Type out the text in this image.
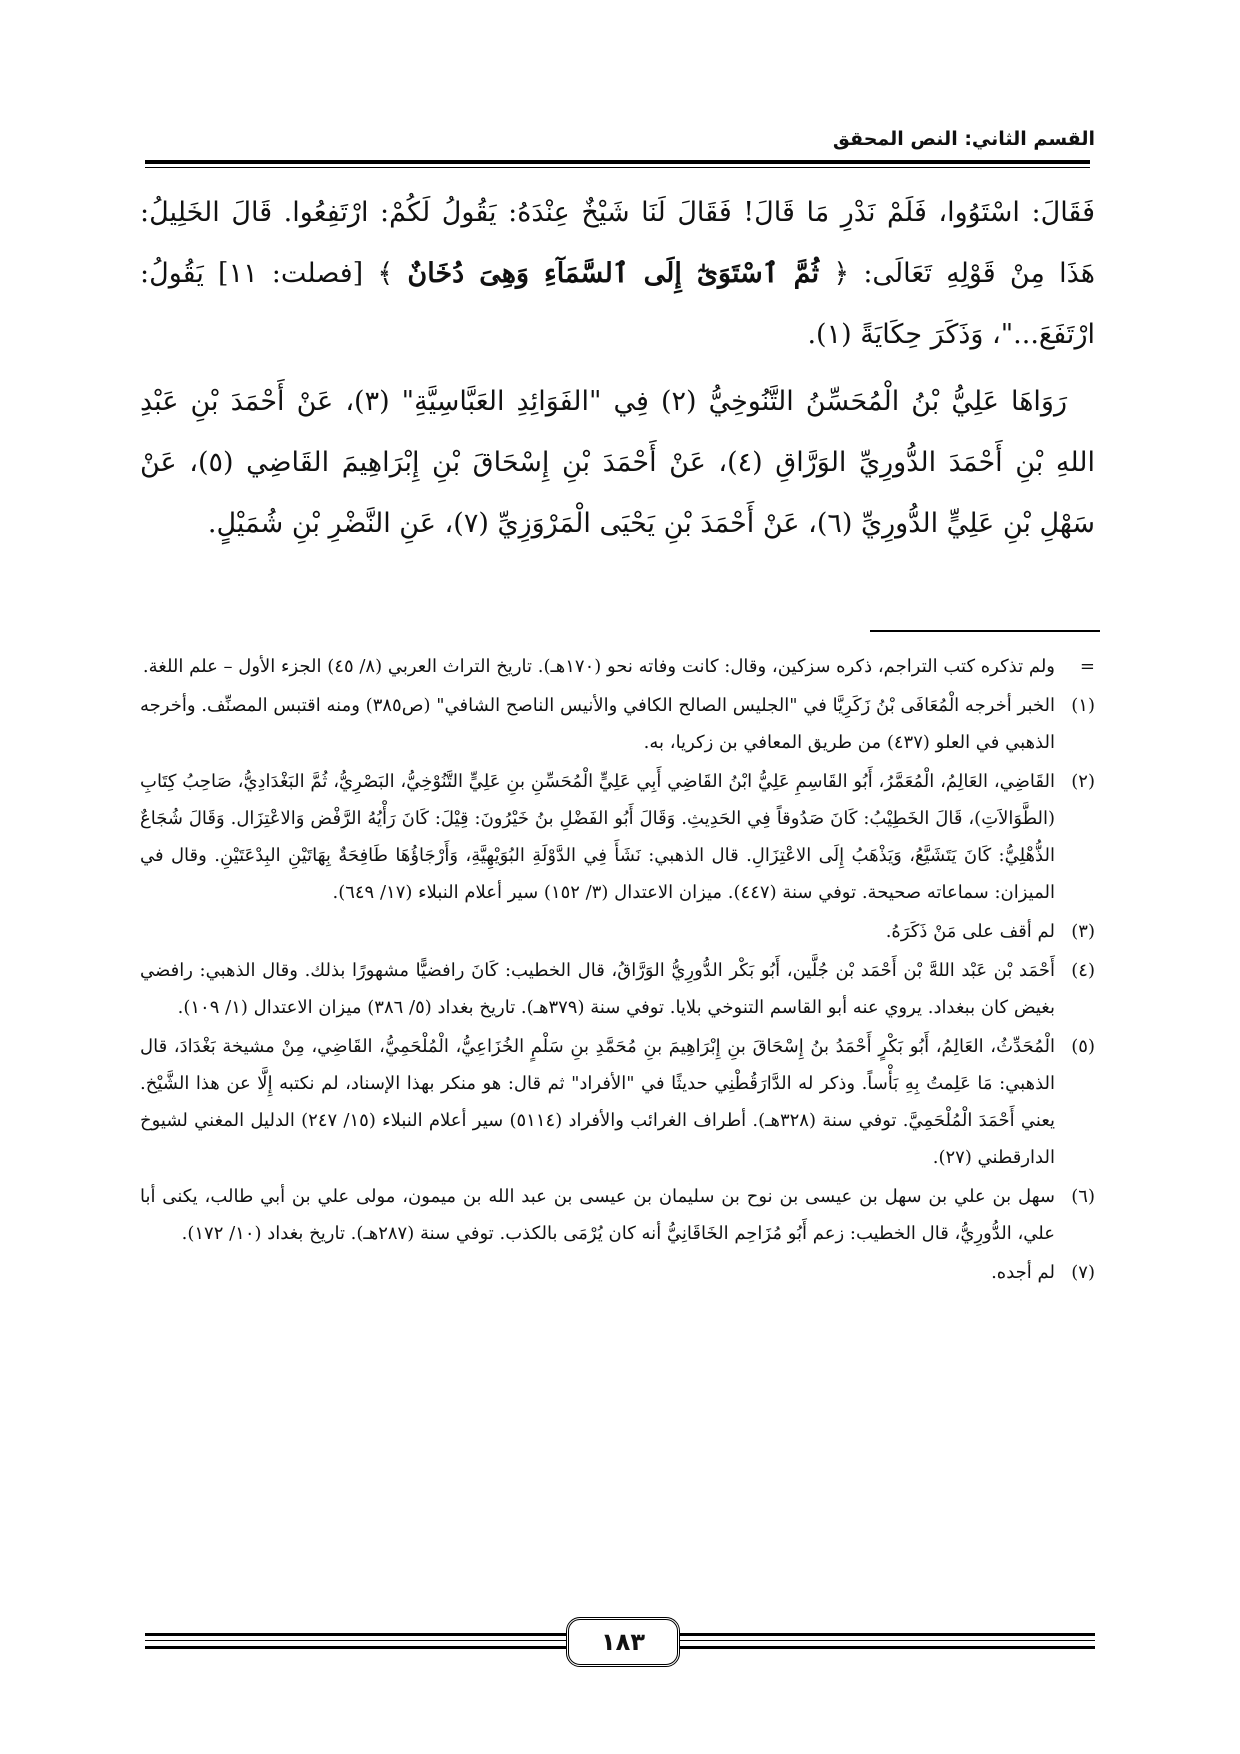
القسم الثاني: النص المحقق

فَقَالَ: اسْتَوُوا، فَلَمْ نَدْرِ مَا قَالَ! فَقَالَ لَنَا شَيْخٌ عِنْدَهُ: يَقُولُ لَكُمْ: ارْتَفِعُوا. قَالَ الخَلِيلُ: هَذَا مِنْ قَوْلِهِ تَعَالَى: ﴿ ثُمَّ ٱسْتَوَىٰٓ إِلَى ٱلسَّمَآءِ وَهِىَ دُخَانٌ ﴾ [فصلت: ١١] يَقُولُ: ارْتَفَعَ..."، وَذَكَرَ حِكَايَةً (١).

رَوَاهَا عَلِيُّ بْنُ الْمُحَسِّنُ التَّنُوخِيُّ (٢) فِي "الفَوَائِدِ العَبَّاسِيَّةِ" (٣)، عَنْ أَحْمَدَ بْنِ عَبْدِ اللهِ بْنِ أَحْمَدَ الدُّورِيِّ الوَرَّاقِ (٤)، عَنْ أَحْمَدَ بْنِ إِسْحَاقَ بْنِ إِبْرَاهِيمَ القَاضِي (٥)، عَنْ سَهْلِ بْنِ عَلِيٍّ الدُّورِيِّ (٦)، عَنْ أَحْمَدَ بْنِ يَحْيَى الْمَرْوَزِيِّ (٧)، عَنِ النَّضْرِ بْنِ شُمَيْلٍ.

=
ولم تذكره كتب التراجم، ذكره سزكين، وقال: كانت وفاته نحو (١٧٠هـ). تاريخ التراث العربي (٨/ ٤٥) الجزء الأول – علم اللغة.

(١)
الخبر أخرجه الْمُعَافَى بْنُ زَكَرِيَّا في "الجليس الصالح الكافي والأنيس الناصح الشافي" (ص٣٨٥) ومنه اقتبس المصنِّف. وأخرجه الذهبي في العلو (٤٣٧) من طريق المعافي بن زكريا، به.

(٢)
القَاضِي، العَالِمُ، الْمُعَمَّرُ، أَبُو القَاسِمِ عَلِيُّ ابْنُ القَاضِي أَبِي عَلِيٍّ الْمُحَسِّنِ بنِ عَلِيٍّ التَّنُوْخِيُّ، البَصْرِيُّ، ثُمَّ البَغْدَادِيُّ، صَاحِبُ كِتَابِ (الطَّوَالاَتِ)، قَالَ الخَطِيْبُ: كَانَ صَدُوقاً فِي الحَدِيثِ. وَقَالَ أَبُو الفَضْلِ بنُ خَيْرُونَ: قِيْلَ: كَانَ رَأْيُهُ الرَّفْض وَالاعْتِزَال. وَقَالَ شُجَاعٌ الذُّهْلِيُّ: كَانَ يَتَشَيَّعُ، وَيَذْهَبُ إِلَى الاعْتِزَالِ. قال الذهبي: نَشَأَ فِي الدَّوْلَةِ البُوَيْهِيَّةِ، وَأَرْجَاؤُهَا طَافِحَةٌ بِهَاتَيْنِ البِدْعَتَيْنِ. وقال في الميزان: سماعاته صحيحة. توفي سنة (٤٤٧). ميزان الاعتدال (٣/ ١٥٢) سير أعلام النبلاء (١٧/ ٦٤٩).

(٣)
لم أقف على مَنْ ذَكَرَهُ.

(٤)
أَحْمَد بْن عَبْد اللهَّ بْن أَحْمَد بْن جُلَّين، أَبُو بَكْر الدُّورِيُّ الوَرَّاقُ، قال الخطيب: كَانَ رافضيًّا مشهورًا بذلك. وقال الذهبي: رافضي بغيض كان ببغداد. يروي عنه أبو القاسم التنوخي بلايا. توفي سنة (٣٧٩هـ). تاريخ بغداد (٥/ ٣٨٦) ميزان الاعتدال (١/ ١٠٩).

(٥)
الْمُحَدِّثُ، العَالِمُ، أَبُو بَكْرٍ أَحْمَدُ بنُ إِسْحَاقَ بنِ إِبْرَاهِيمَ بنِ مُحَمَّدِ بنِ سَلْمٍ الخُزَاعِيُّ، الْمُلْحَمِيُّ، القَاضِي، مِنْ مشيخة بَغْدَادَ، قال الذهبي: مَا عَلِمتُ بِهِ بَأْساً. وذكر له الدَّارَقُطْنِي حديثًا في "الأفراد" ثم قال: هو منكر بهذا الإسناد، لم نكتبه إِلَّا عن هذا الشَّيْخ. يعني أَحْمَدَ الْمُلْحَمِيَّ. توفي سنة (٣٢٨هـ). أطراف الغرائب والأفراد (٥١١٤) سير أعلام النبلاء (١٥/ ٢٤٧) الدليل المغني لشيوخ الدارقطني (٢٧).

(٦)
سهل بن علي بن سهل بن عيسى بن نوح بن سليمان بن عيسى بن عبد الله بن ميمون، مولى علي بن أبي طالب، يكنى أبا علي، الدُّورِيُّ، قال الخطيب: زعم أَبُو مُزَاحِم الخَاقَانِيُّ أنه كان يُرْمَى بالكذب. توفي سنة (٢٨٧هـ). تاريخ بغداد (١٠/ ١٧٢).

(٧)
لم أجده.

١٨٣
